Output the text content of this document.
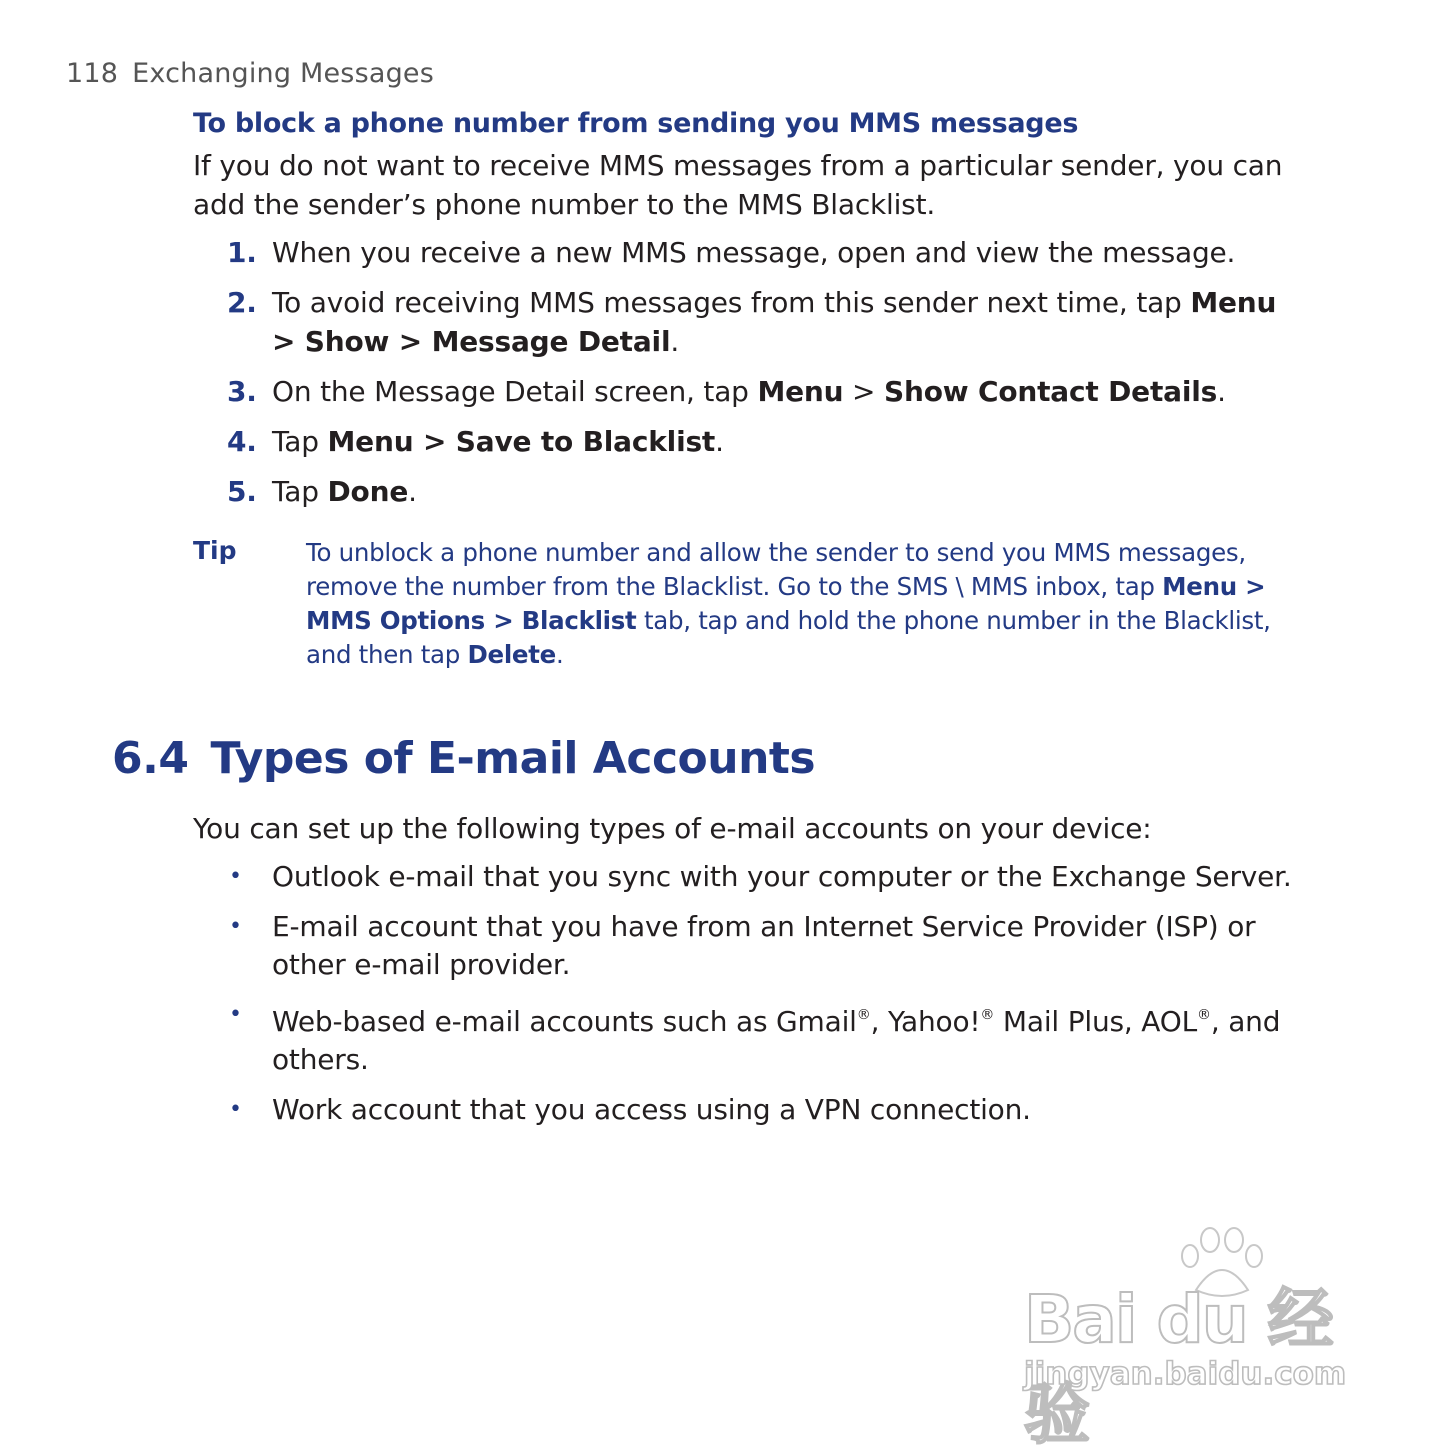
118 Exchanging Messages
To block a phone number from sending you MMS messages
If you do not want to receive MMS messages from a particular sender, you can add the sender’s phone number to the MMS Blacklist.
1. When you receive a new MMS message, open and view the message.
2. To avoid receiving MMS messages from this sender next time, tap Menu > Show > Message Detail.
3. On the Message Detail screen, tap Menu > Show Contact Details.
4. Tap Menu > Save to Blacklist.
5. Tap Done.
Tip	To unblock a phone number and allow the sender to send you MMS messages, remove the number from the Blacklist. Go to the SMS \ MMS inbox, tap Menu > MMS Options > Blacklist tab, tap and hold the phone number in the Blacklist, and then tap Delete.
6.4 Types of E-mail Accounts
You can set up the following types of e-mail accounts on your device:
• Outlook e-mail that you sync with your computer or the Exchange Server.
• E-mail account that you have from an Internet Service Provider (ISP) or other e-mail provider.
• Web-based e-mail accounts such as Gmail®, Yahoo!® Mail Plus, AOL®, and others.
• Work account that you access using a VPN connection.
Bai du 经验
jingyan.baidu.com
